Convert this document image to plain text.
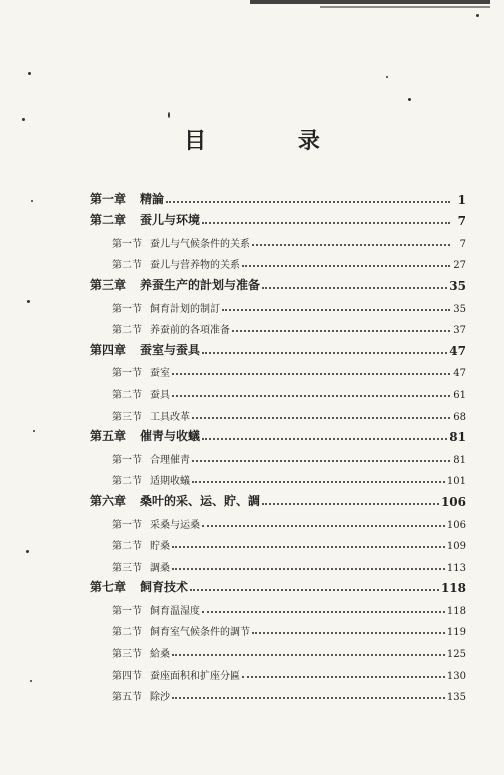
目 录
第一章	精論	1
第二章	蚕儿与环境	7
第一节 蚕儿与气候条件的关系	7
第二节 蚕儿与营养物的关系	27
第三章	养蚕生产的計划与准备	35
第一节 飼育計划的制訂	35
第二节 养蚕前的各項准备	37
第四章	蚕室与蚕具	47
第一节 蚕室	47
第二节 蚕具	61
第三节 工具改革	68
第五章	催靑与收蟻	81
第一节 合理催靑	81
第二节 适期收蟻	101
第六章	桑叶的采、运、貯、調	106
第一节 采桑与运桑	106
第二节 貯桑	109
第三节 調桑	113
第七章	飼育技术	118
第一节 飼育温湿度	118
第二节 飼育室气候条件的調节	119
第三节 給桑	125
第四节 蚕座面积和扩座分匾	130
第五节 除沙	135
